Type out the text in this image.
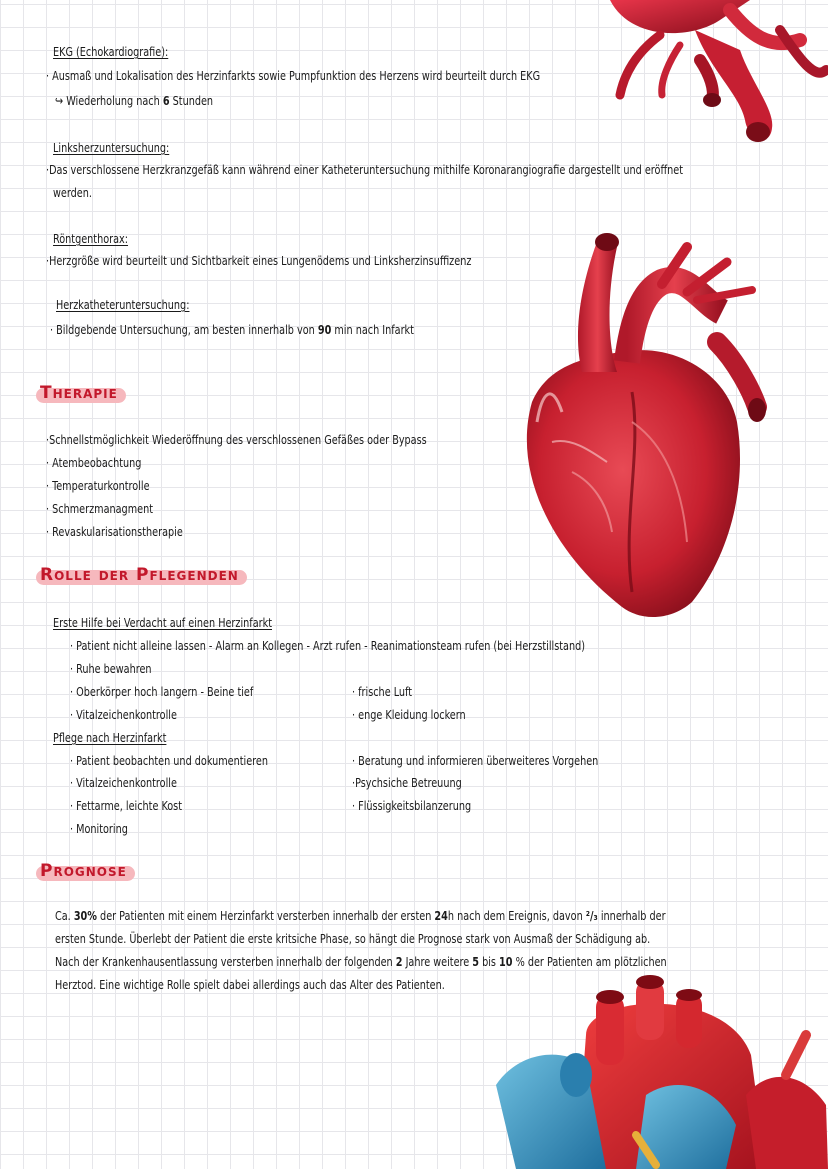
EKG (Echokardiografie):
· Ausmaß und Lokalisation des Herzinfarkts sowie Pumpfunktion des Herzens wird beurteilt durch EKG
↪ Wiederholung nach 6 Stunden
Linksherzuntersuchung:
·Das verschlossene Herzkranzgefäß kann während einer Katheteruntersuchung mithilfe Koronarangiografie dargestellt und eröffnet
werden.
Röntgenthorax:
·Herzgröße wird beurteilt und Sichtbarkeit eines Lungenödems und Linksherzinsuffizenz
Herzkatheteruntersuchung:
· Bildgebende Untersuchung, am besten innerhalb von 90 min nach Infarkt
Therapie
·Schnellstmöglichkeit Wiederöffnung des verschlossenen Gefäßes oder Bypass
· Atembeobachtung
· Temperaturkontrolle
· Schmerzmanagment
· Revaskularisationstherapie
Rolle der Pflegenden
Erste Hilfe bei Verdacht auf einen Herzinfarkt
· Patient nicht alleine lassen - Alarm an Kollegen - Arzt rufen - Reanimationsteam rufen (bei Herzstillstand)
· Ruhe bewahren
· Oberkörper hoch langern - Beine tief
· Vitalzeichenkontrolle
· frische Luft
· enge Kleidung lockern
Pflege nach Herzinfarkt
· Patient beobachten und dokumentieren
· Vitalzeichenkontrolle
· Fettarme, leichte Kost
· Monitoring
· Beratung und informieren überweiteres Vorgehen
·Psychsiche Betreuung
· Flüssigkeitsbilanzerung
Prognose
Ca. 30% der Patienten mit einem Herzinfarkt versterben innerhalb der ersten 24h nach dem Ereignis, davon ²/₃ innerhalb der
ersten Stunde. Überlebt der Patient die erste kritsiche Phase, so hängt die Prognose stark von Ausmaß der Schädigung ab.
Nach der Krankenhausentlassung versterben innerhalb der folgenden 2 Jahre weitere 5 bis 10 % der Patienten am plötzlichen
Herztod. Eine wichtige Rolle spielt dabei allerdings auch das Alter des Patienten.
